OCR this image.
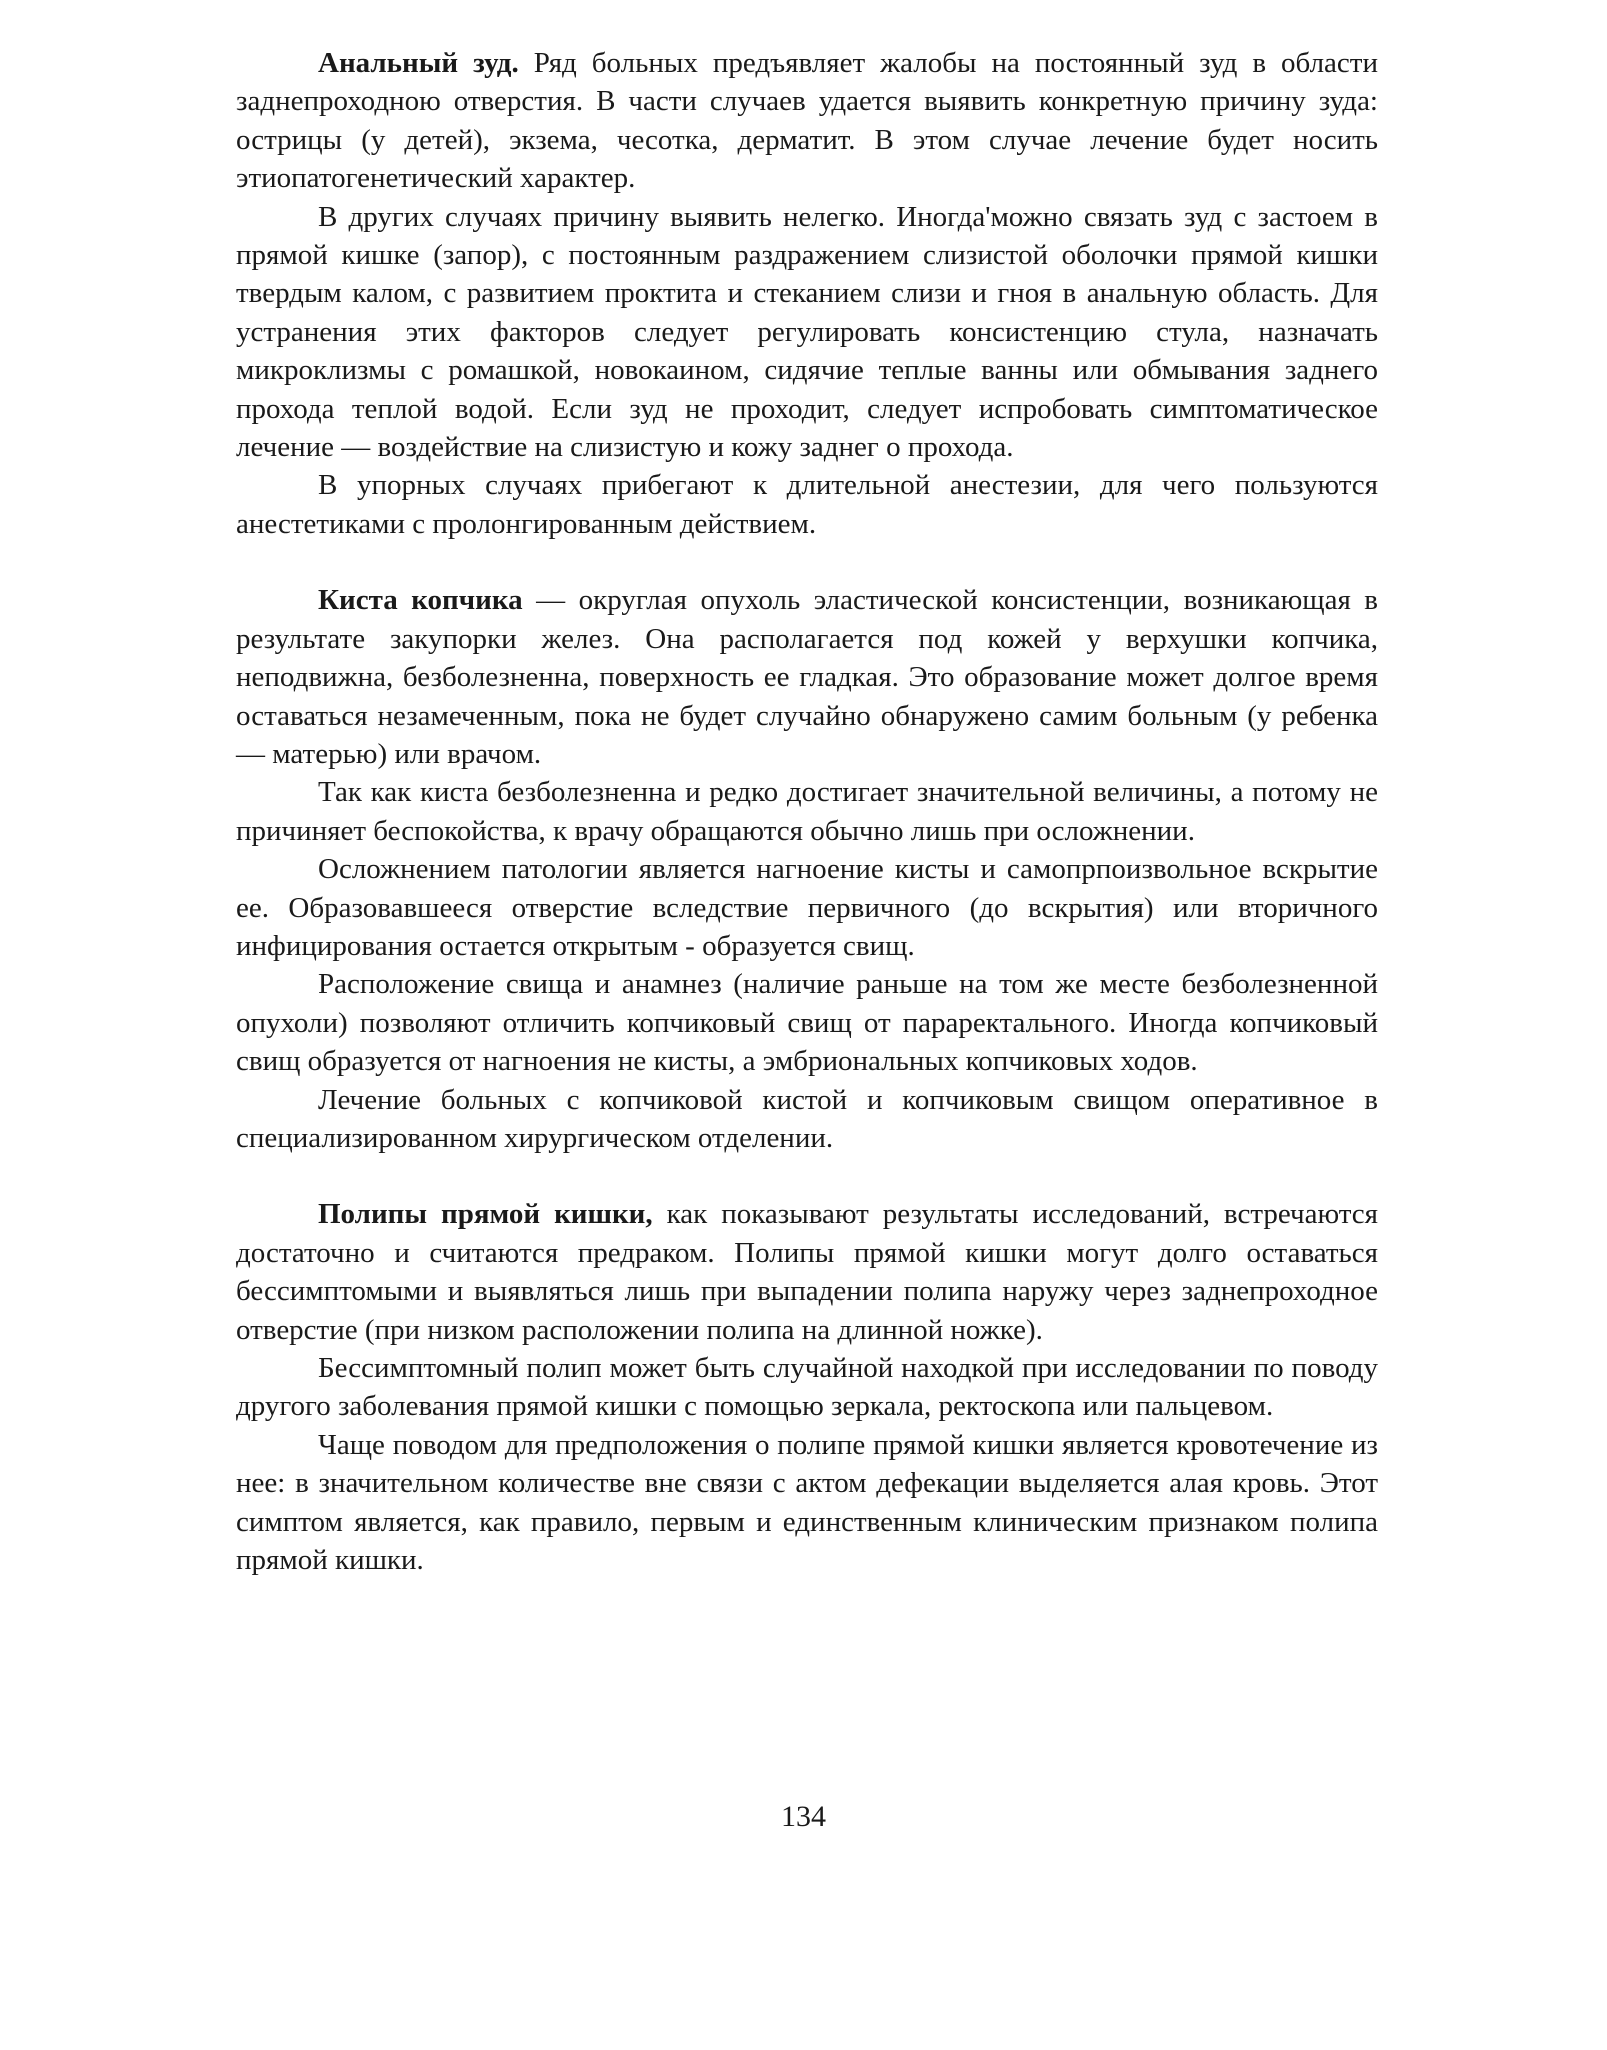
Анальный зуд. Ряд больных предъявляет жалобы на постоянный зуд в области заднепроходною отверстия. В части случаев удается выявить конкретную причину зуда: острицы (у детей), экзема, чесотка, дерматит. В этом случае лечение будет носить этиопатогенетический характер.

В других случаях причину выявить нелегко. Иногда'можно связать зуд с застоем в прямой кишке (запор), с постоянным раздражением слизистой оболочки прямой кишки твердым калом, с развитием проктита и стеканием слизи и гноя в анальную область. Для устранения этих факторов следует регулировать консистенцию стула, назначать микроклизмы с ромашкой, новокаином, сидячие теплые ванны или обмывания заднего прохода теплой водой. Если зуд не проходит, следует испробовать симптоматическое лечение — воздействие на слизистую и кожу заднег о прохода.

В упорных случаях прибегают к длительной анестезии, для чего пользуются анестетиками с пролонгированным действием.

Киста копчика — округлая опухоль эластической консистенции, возникающая в результате закупорки желез. Она располагается под кожей у верхушки копчика, неподвижна, безболезненна, поверхность ее гладкая. Это образование может долгое время оставаться незамеченным, пока не будет случайно обнаружено самим больным (у ребенка — матерью) или врачом.

Так как киста безболезненна и редко достигает значительной величины, а потому не причиняет беспокойства, к врачу обращаются обычно лишь при осложнении.

Осложнением патологии является нагноение кисты и самопрпоизвольное вскрытие ее. Образовавшееся отверстие вследствие первичного (до вскрытия) или вторичного инфицирования остается открытым - образуется свищ.

Расположение свища и анамнез (наличие раньше на том же месте безболезненной опухоли) позволяют отличить копчиковый свищ от параректального. Иногда копчиковый свищ образуется от нагноения не кисты, а эмбриональных копчиковых ходов.

Лечение больных с копчиковой кистой и копчиковым свищом оперативное в специализированном хирургическом отделении.

Полипы прямой кишки, как показывают результаты исследований, встречаются достаточно и считаются предраком. Полипы прямой кишки могут долго оставаться бессимптомыми и выявляться лишь при выпадении полипа наружу через заднепроходное отверстие (при низком расположении полипа на длинной ножке).

Бессимптомный полип может быть случайной находкой при исследовании по поводу другого заболевания прямой кишки с помощью зеркала, ректоскопа или пальцевом.

Чаще поводом для предположения о полипе прямой кишки является кровотечение из нее: в значительном количестве вне связи с актом дефекации выделяется алая кровь. Этот симптом является, как правило, первым и единственным клиническим признаком полипа прямой кишки.

134
